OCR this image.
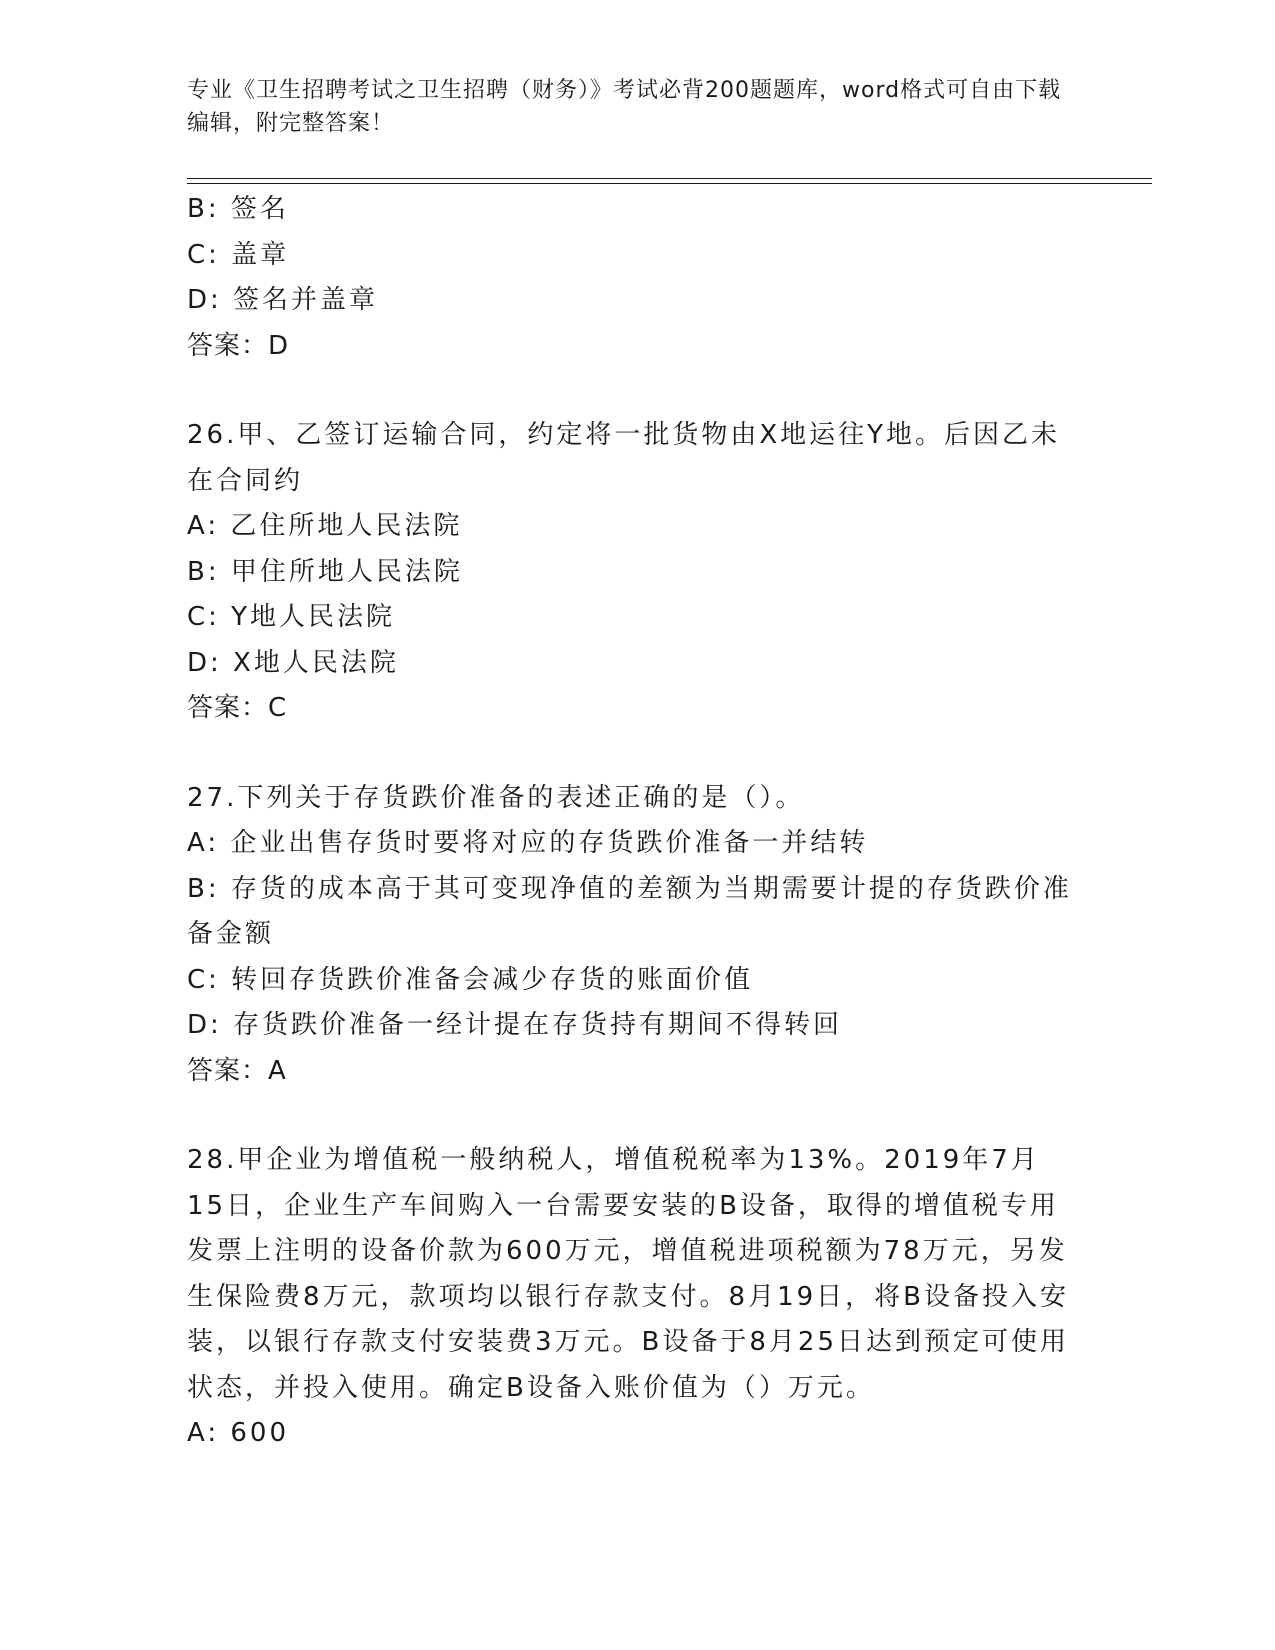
专业《卫生招聘考试之卫生招聘（财务）》考试必背200题题库，word格式可自由下载编辑，附完整答案！

B: 签名

C: 盖章

D: 签名并盖章

答案：D

26.甲、乙签订运输合同，约定将一批货物由X地运往Y地。后因乙未在合同约

A: 乙住所地人民法院

B: 甲住所地人民法院

C: Y地人民法院

D: X地人民法院

答案：C

27.下列关于存货跌价准备的表述正确的是（）。

A: 企业出售存货时要将对应的存货跌价准备一并结转

B: 存货的成本高于其可变现净值的差额为当期需要计提的存货跌价准备金额

C: 转回存货跌价准备会减少存货的账面价值

D: 存货跌价准备一经计提在存货持有期间不得转回

答案：A

28.甲企业为增值税一般纳税人，增值税税率为13%。2019年7月15日，企业生产车间购入一台需要安装的B设备，取得的增值税专用发票上注明的设备价款为600万元，增值税进项税额为78万元，另发生保险费8万元，款项均以银行存款支付。8月19日，将B设备投入安装，以银行存款支付安装费3万元。B设备于8月25日达到预定可使用状态，并投入使用。确定B设备入账价值为（）万元。

A: 600
